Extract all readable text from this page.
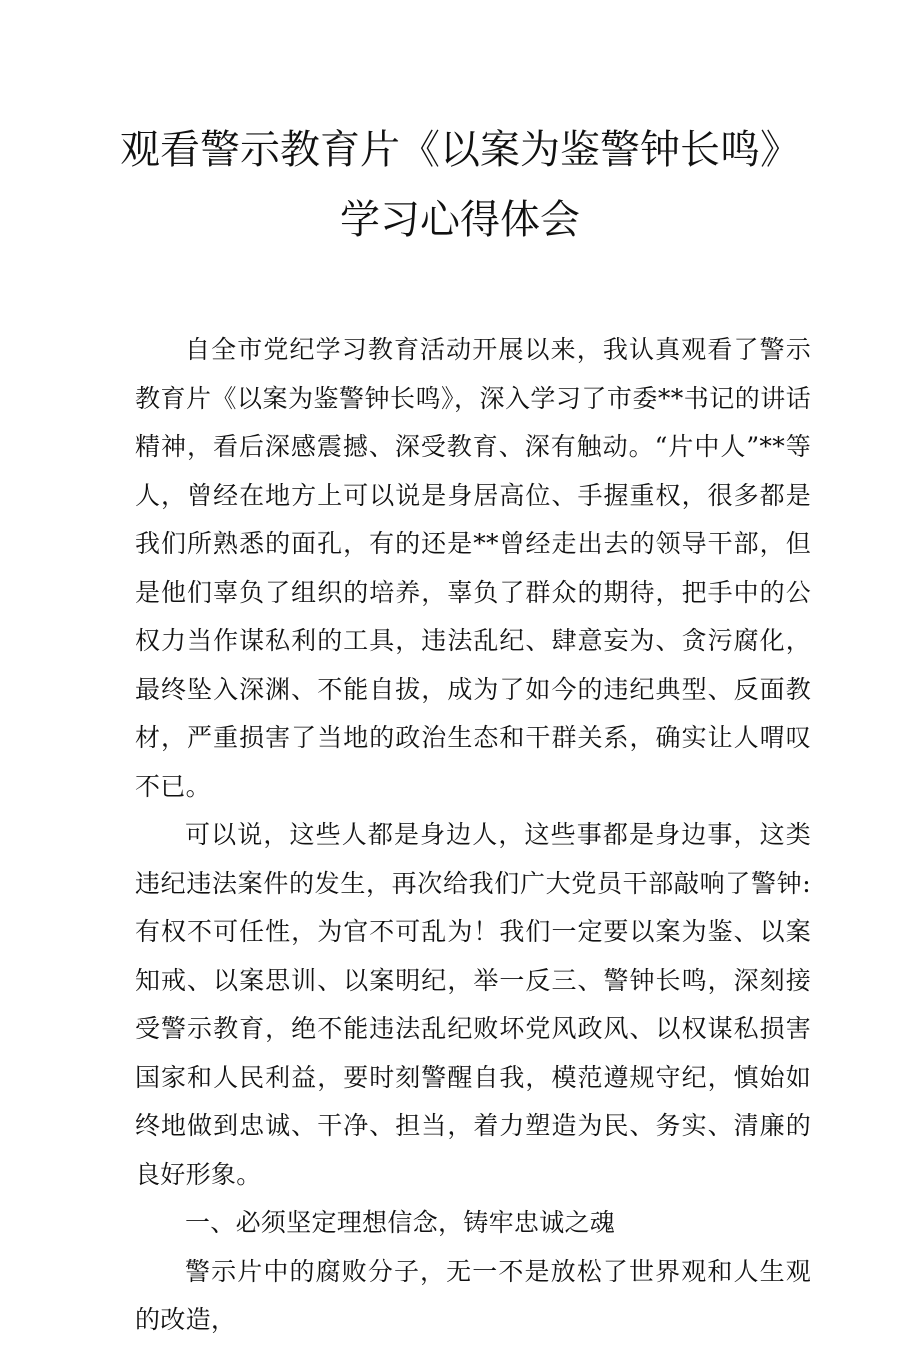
观看警示教育片《以案为鉴警钟长鸣》
学习心得体会

自全市党纪学习教育活动开展以来，我认真观看了警示教育片《以案为鉴警钟长鸣》，深入学习了市委**书记的讲话精神，看后深感震撼、深受教育、深有触动。“片中人”**等人，曾经在地方上可以说是身居高位、手握重权，很多都是我们所熟悉的面孔，有的还是**曾经走出去的领导干部，但是他们辜负了组织的培养，辜负了群众的期待，把手中的公权力当作谋私利的工具，违法乱纪、肆意妄为、贪污腐化，最终坠入深渊、不能自拔，成为了如今的违纪典型、反面教材，严重损害了当地的政治生态和干群关系，确实让人喟叹不已。

可以说，这些人都是身边人，这些事都是身边事，这类违纪违法案件的发生，再次给我们广大党员干部敲响了警钟:有权不可任性，为官不可乱为！我们一定要以案为鉴、以案知戒、以案思训、以案明纪，举一反三、警钟长鸣，深刻接受警示教育，绝不能违法乱纪败坏党风政风、以权谋私损害国家和人民利益，要时刻警醒自我，模范遵规守纪，慎始如终地做到忠诚、干净、担当，着力塑造为民、务实、清廉的良好形象。

一、必须坚定理想信念，铸牢忠诚之魂

警示片中的腐败分子，无一不是放松了世界观和人生观的改造，
